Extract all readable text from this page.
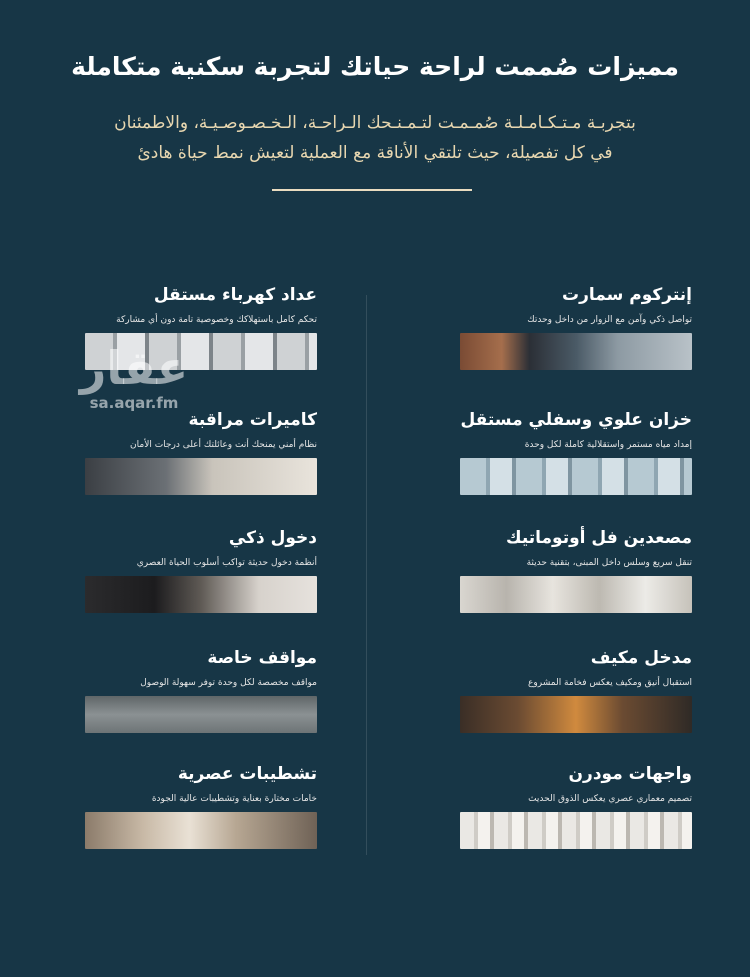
مميزات صُممت لراحة حياتك لتجربة سكنية متكاملة
بتجربـة مـتـكـامـلـة صُمـمـت لتـمـنـحك الـراحـة، الـخـصـوصـيـة، والاطمئنان
في كل تفصيلة، حيث تلتقي الأناقة مع العملية لتعيش نمط حياة هادئ
إنتركوم سمارت
تواصل ذكي وآمن مع الزوار من داخل وحدتك
عداد كهرباء مستقل
تحكم كامل باستهلاكك وخصوصية تامة دون أي مشاركة
خزان علوي وسفلي مستقل
إمداد مياه مستمر واستقلالية كاملة لكل وحدة
كاميرات مراقبة
نظام أمني يمنحك أنت وعائلتك أعلى درجات الأمان
مصعدين فل أوتوماتيك
تنقل سريع وسلس داخل المبنى، بتقنية حديثة
دخول ذكي
أنظمة دخول حديثة تواكب أسلوب الحياة العصري
مدخل مكيف
استقبال أنيق ومكيف يعكس فخامة المشروع
مواقف خاصة
مواقف مخصصة لكل وحدة توفر سهولة الوصول
واجهات مودرن
تصميم معماري عصري يعكس الذوق الحديث
تشطيبات عصرية
خامات مختارة بعناية وتشطيبات عالية الجودة
عقار
sa.aqar.fm
